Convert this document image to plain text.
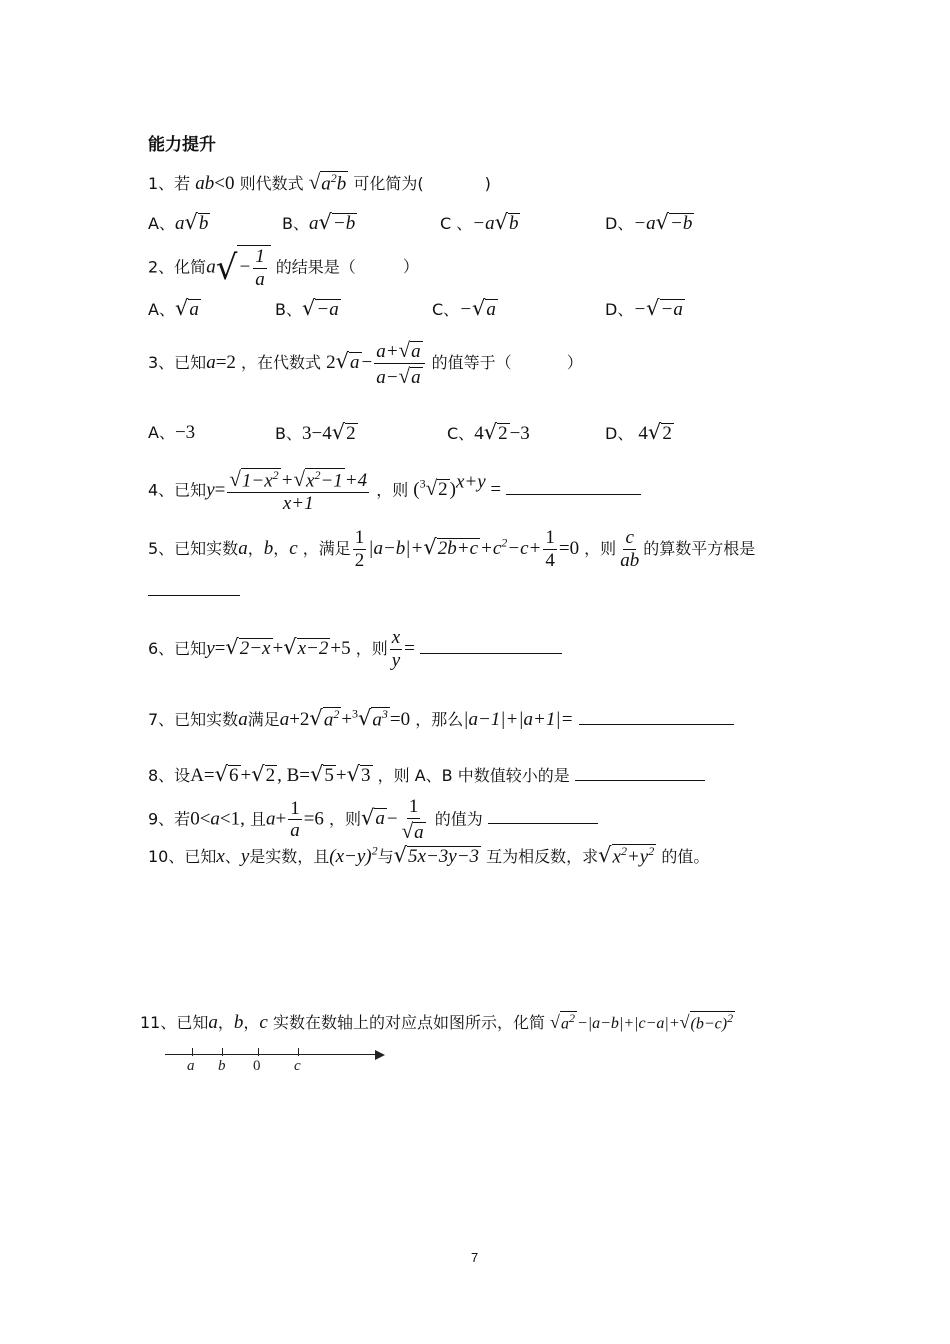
能力提升
1、若 ab<0 则代数式 $√a^2b$ 可化简为(	)
A、a√b	B、a√−b	C 、−a√b	D、−a√−b
2、化简$a√- \frac{1}{a}$ 的结果是（	）
A、√a	B、√−a	C、−√a	D、−√−a
3、已知a=2 ，在代数式 $2√a - \frac{a+√a}{a-√a}$ 的值等于（	）
A、−3	B、3−4√2	C、4√2 −3	D、 4√2
4、已知$y= \frac{√1-x^2 +√x^2-1 +4}{x+1}$ ，则 ($^3$√2 )$^{x+y}$ =
5、已知实数a，b，c ，满足 $\frac{1}{2} |a-b|+√2b+c +c^2-c+ \frac{1}{4} =0$ ，则 $\frac{c}{ab}$ 的算数平方根是
6、已知y=√2−x +√x−2 +5 ，则 $\frac{x}{y}$ =
7、已知实数a满足$a+2√a^2 +^3√a^3 =0$ ，那么|a−1|+|a+1|=
8、设A=√6 +√2 , B=√5 +√3 ，则 A、B 中数值较小的是
9、若0<a<1, 且$a+ \frac{1}{a} =6$ ，则$√a - \frac{1}{√a}$ 的值为
10、已知x、y是实数，且$(x-y)^2$与√5x−3y−3 互为相反数，求$√x^2+y^2$ 的值。
11、已知a，b，c 实数在数轴上的对应点如图所示，化简 $√a^2 -|a-b|+|c-a|+√(b-c)^2$
a b 0 c
7
